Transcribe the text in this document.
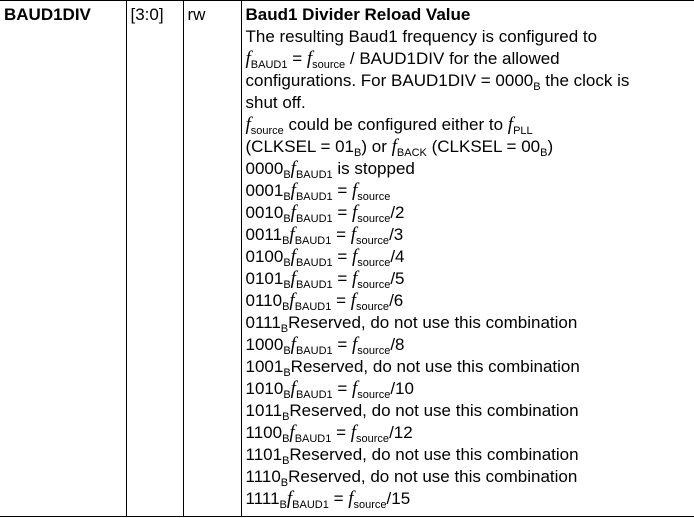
BAUD1DIV	[3:0]	rw	Baud1 Divider Reload Value
The resulting Baud1 frequency is configured to
$f_{BAUD1} = f_{source}$ / BAUD1DIV for the allowed
configurations. For BAUD1DIV = $0000_B$ the clock is
shut off.
$f_{source}$ could be configured either to $f_{PLL}$
(CLKSEL = $01_B$) or $f_{BACK}$ (CLKSEL = $00_B$)
$0000_Bf_{BAUD1}$ is stopped
$0001_Bf_{BAUD1} = f_{source}$
$0010_Bf_{BAUD1} = f_{source}/2$
$0011_Bf_{BAUD1} = f_{source}/3$
$0100_Bf_{BAUD1} = f_{source}/4$
$0101_Bf_{BAUD1} = f_{source}/5$
$0110_Bf_{BAUD1} = f_{source}/6$
$0111_BReserved$, do not use this combination
$1000_Bf_{BAUD1} = f_{source}/8$
$1001_BReserved$, do not use this combination
$1010_Bf_{BAUD1} = f_{source}/10$
$1011_BReserved$, do not use this combination
$1100_Bf_{BAUD1} = f_{source}/12$
$1101_BReserved$, do not use this combination
$1110_BReserved$, do not use this combination
$1111_Bf_{BAUD1} = f_{source}/15$
